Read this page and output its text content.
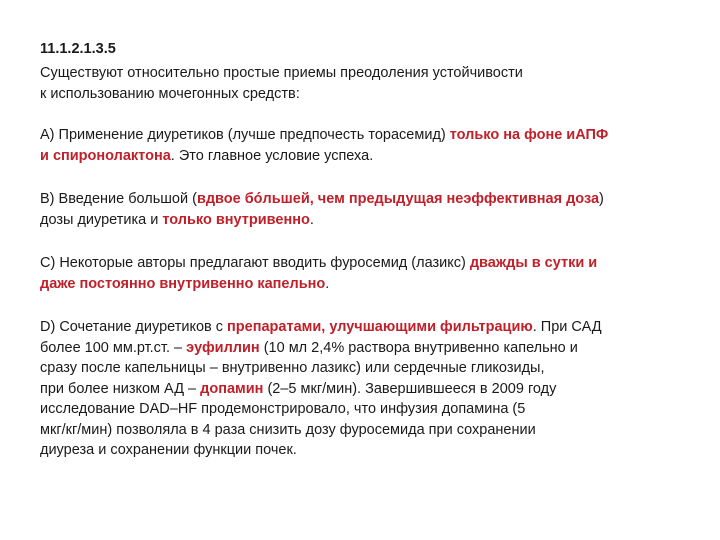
11.1.2.1.3.5

Существуют относительно простые приемы преодоления устойчивости
к использованию мочегонных средств:

А) Применение диуретиков (лучше предпочесть торасемид) только на фоне иАПФ
и спиронолактона. Это главное условие успеха.

В) Введение большой (вдвое бóльшей, чем предыдущая неэффективная доза)
дозы диуретика и только внутривенно.

С) Некоторые авторы предлагают вводить фуросемид (лазикс) дважды в сутки и
даже постоянно внутривенно капельно.

D) Сочетание диуретиков с препаратами, улучшающими фильтрацию. При САД
более 100 мм.рт.ст. – эуфиллин (10 мл 2,4% раствора внутривенно капельно и
сразу после капельницы – внутривенно лазикс) или сердечные гликозиды,
при более низком АД – допамин (2–5 мкг/мин). Завершившееся в 2009 году
исследование DAD–HF продемонстрировало, что инфузия допамина (5
мкг/кг/мин) позволяла в 4 раза снизить дозу фуросемида при сохранении
диуреза и сохранении функции почек.
